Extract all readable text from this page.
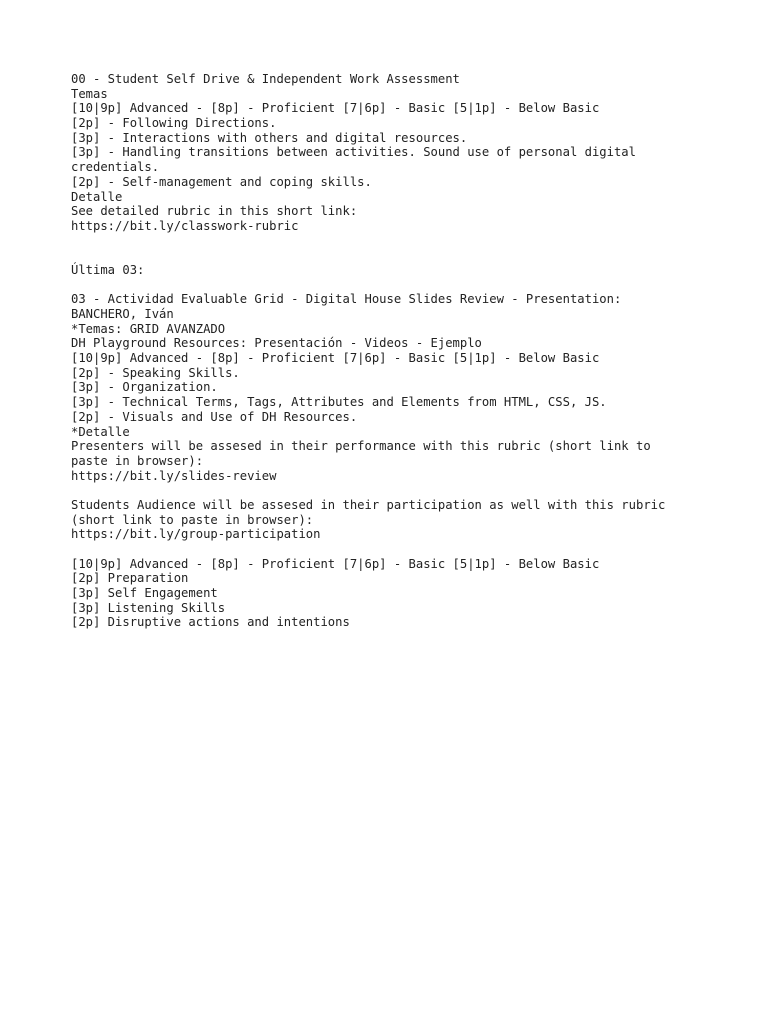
00 - Student Self Drive & Independent Work Assessment
Temas
[10|9p] Advanced - [8p] - Proficient [7|6p] - Basic [5|1p] - Below Basic
[2p] - Following Directions.
[3p] - Interactions with others and digital resources.
[3p] - Handling transitions between activities. Sound use of personal digital
credentials.
[2p] - Self-management and coping skills.
Detalle
See detailed rubric in this short link:
https://bit.ly/classwork-rubric
Última 03:
03 - Actividad Evaluable Grid - Digital House Slides Review - Presentation:
BANCHERO, Iván
*Temas: GRID AVANZADO
DH Playground Resources: Presentación - Videos - Ejemplo
[10|9p] Advanced - [8p] - Proficient [7|6p] - Basic [5|1p] - Below Basic
[2p] - Speaking Skills.
[3p] - Organization.
[3p] - Technical Terms, Tags, Attributes and Elements from HTML, CSS, JS.
[2p] - Visuals and Use of DH Resources.
*Detalle
Presenters will be assesed in their performance with this rubric (short link to
paste in browser):
https://bit.ly/slides-review
Students Audience will be assesed in their participation as well with this rubric
(short link to paste in browser):
https://bit.ly/group-participation
[10|9p] Advanced - [8p] - Proficient [7|6p] - Basic [5|1p] - Below Basic
[2p] Preparation
[3p] Self Engagement
[3p] Listening Skills
[2p] Disruptive actions and intentions
